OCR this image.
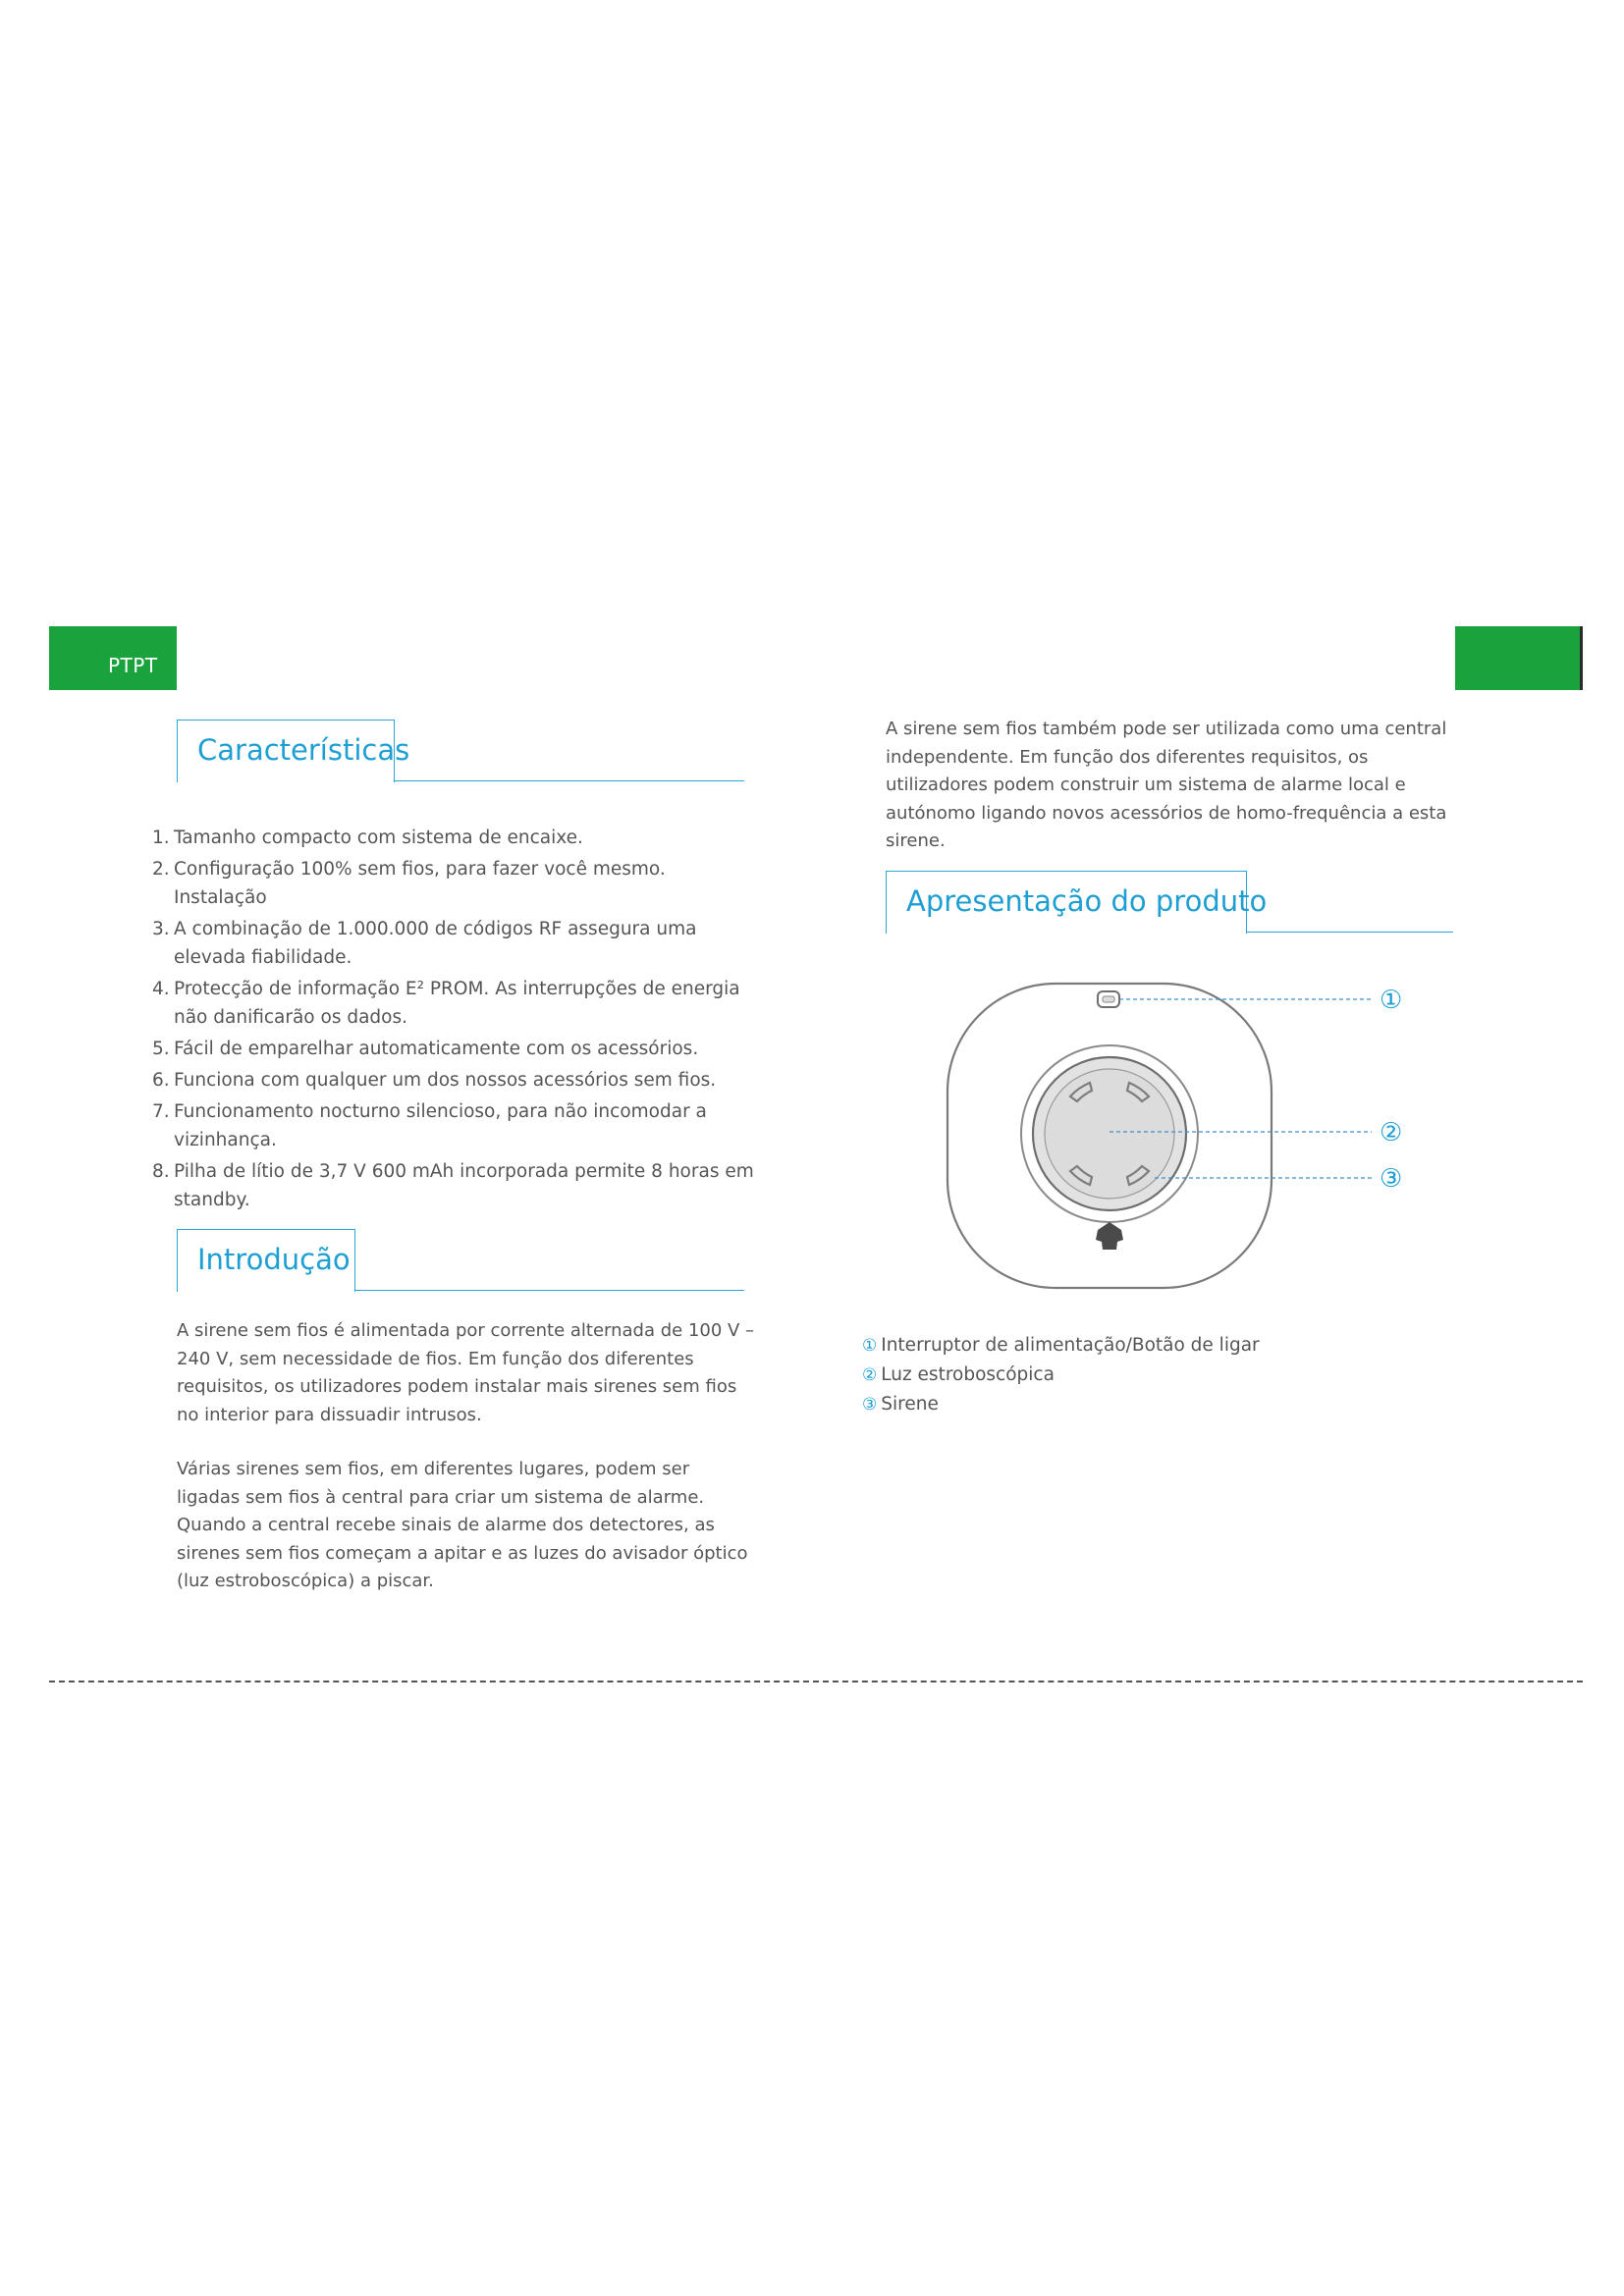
PTPT
Características
1. Tamanho compacto com sistema de encaixe.
2. Configuração 100% sem fios, para fazer você mesmo. Instalação
3. A combinação de 1.000.000 de códigos RF assegura uma elevada fiabilidade.
4. Protecção de informação E² PROM. As interrupções de energia não danificarão os dados.
5. Fácil de emparelhar automaticamente com os acessórios.
6. Funciona com qualquer um dos nossos acessórios sem fios.
7. Funcionamento nocturno silencioso, para não incomodar a vizinhança.
8. Pilha de lítio de 3,7 V 600 mAh incorporada permite 8 horas em standby.
Introdução
A sirene sem fios é alimentada por corrente alternada de 100 V – 240 V, sem necessidade de fios. Em função dos diferentes requisitos, os utilizadores podem instalar mais sirenes sem fios no interior para dissuadir intrusos.
Várias sirenes sem fios, em diferentes lugares, podem ser ligadas sem fios à central para criar um sistema de alarme. Quando a central recebe sinais de alarme dos detectores, as sirenes sem fios começam a apitar e as luzes do avisador óptico (luz estroboscópica) a piscar.
A sirene sem fios também pode ser utilizada como uma central independente. Em função dos diferentes requisitos, os utilizadores podem construir um sistema de alarme local e autónomo ligando novos acessórios de homo-frequência a esta sirene.
Apresentação do produto
①
②
③
① Interruptor de alimentação/Botão de ligar
② Luz estroboscópica
③ Sirene
